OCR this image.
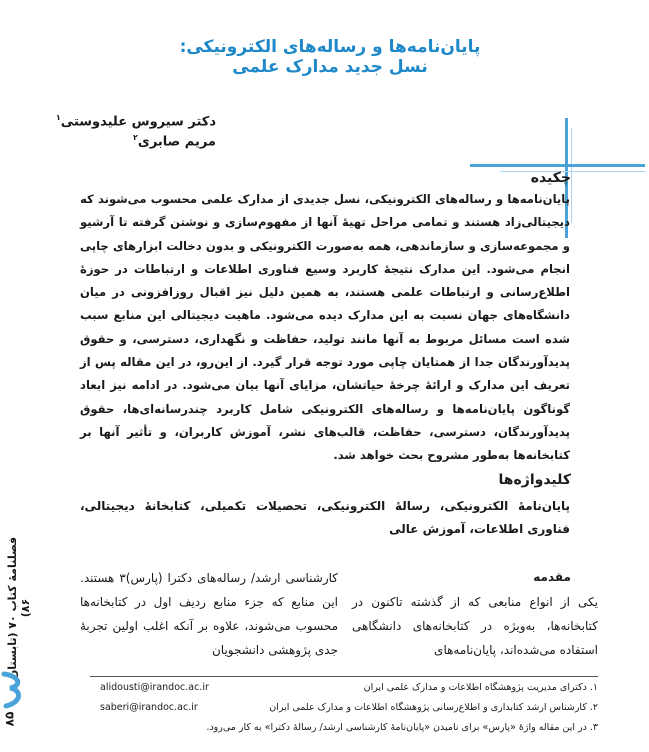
پایان‌نامه‌ها و رساله‌های الکترونیکی:
نسل جدید مدارک علمی
دکتر سیروس علیدوستی$^۱$
مریم صابری$^۲$
چکیده
پایان‌نامه‌ها و رساله‌های الکترونیکی، نسل جدیدی از مدارک علمی محسوب می‌شوند که دیجیتالی‌زاد هستند و تمامی مراحل تهیهٔ آنها از مفهوم‌سازی و نوشتن گرفته تا آرشیو و مجموعه‌سازی و سازماندهی، همه به‌صورت الکترونیکی و بدون دخالت ابزارهای چاپی انجام می‌شود. این مدارک نتیجهٔ کاربرد وسیع فناوری اطلاعات و ارتباطات در حوزهٔ اطلاع‌رسانی و ارتباطات علمی هستند، به همین دلیل نیز اقبال روزافزونی در میان دانشگاه‌های جهان نسبت به این مدارک دیده می‌شود. ماهیت دیجیتالی این منابع سبب شده است مسائل مربوط به آنها مانند تولید، حفاظت و نگهداری، دسترسی، و حقوق پدیدآورندگان جدا از همتایان چاپی مورد توجه قرار گیرد. از این‌رو، در این مقاله پس از تعریف این مدارک و ارائهٔ چرخهٔ حیاتشان، مزایای آنها بیان می‌شود. در ادامه نیز ابعاد گوناگون پایان‌نامه‌ها و رساله‌های الکترونیکی شامل کاربرد چندرسانه‌ای‌ها، حقوق پدیدآورندگان، دسترسی، حفاظت، قالب‌های نشر، آموزش کاربران، و تأثیر آنها بر کتابخانه‌ها به‌طور مشروح بحث خواهد شد.
کلیدواژه‌ها
پایان‌نامهٔ الکترونیکی، رسالهٔ الکترونیکی، تحصیلات تکمیلی، کتابخانهٔ دیجیتالی، فناوری اطلاعات، آموزش عالی
مقدمه
یکی از انواع منابعی که از گذشته تاکنون در کتابخانه‌ها، به‌ویژه در کتابخانه‌های دانشگاهی استفاده می‌شده‌اند، پایان‌نامه‌های
کارشناسی ارشد/ رساله‌های دکترا (پارس)۳ هستند. این منابع که جزء منابع ردیف اول در کتابخانه‌ها محسوب می‌شوند، علاوه بر آنکه اغلب اولین تجربهٔ جدی پژوهشی دانشجویان
۱. دکترای مدیریت پژوهشگاه اطلاعات و مدارک علمی ایران
alidousti@irandoc.ac.ir
۲. کارشناس ارشد کتابداری و اطلاع‌رسانی پژوهشگاه اطلاعات و مدارک علمی ایران
saberi@irandoc.ac.ir
۳. در این مقاله واژهٔ «پارس» برای نامیدن «پایان‌نامهٔ کارشناسی ارشد/ رسالهٔ دکترا» به کار می‌رود.
فصلنامهٔ کتاب ۷۰ (تابستان ۸۶)
۸۵
